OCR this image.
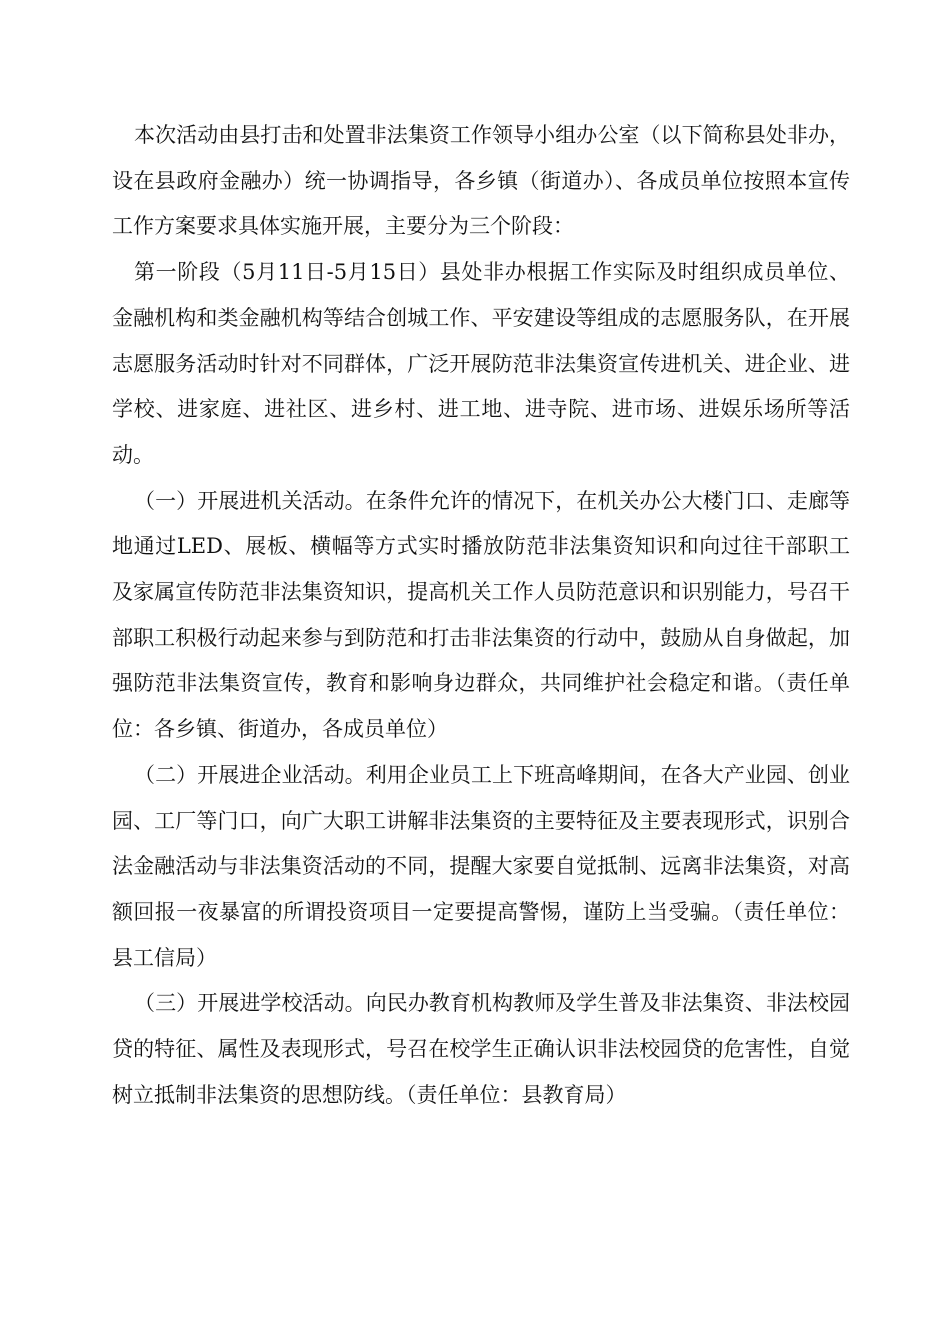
本次活动由县打击和处置非法集资工作领导小组办公室（以下简称县处非办，设在县政府金融办）统一协调指导，各乡镇（街道办）、各成员单位按照本宣传工作方案要求具体实施开展，主要分为三个阶段：

第一阶段（5月11日-5月15日）县处非办根据工作实际及时组织成员单位、金融机构和类金融机构等结合创城工作、平安建设等组成的志愿服务队，在开展志愿服务活动时针对不同群体，广泛开展防范非法集资宣传进机关、进企业、进学校、进家庭、进社区、进乡村、进工地、进寺院、进市场、进娱乐场所等活动。

（一）开展进机关活动。在条件允许的情况下，在机关办公大楼门口、走廊等地通过LED、展板、横幅等方式实时播放防范非法集资知识和向过往干部职工及家属宣传防范非法集资知识，提高机关工作人员防范意识和识别能力，号召干部职工积极行动起来参与到防范和打击非法集资的行动中，鼓励从自身做起，加强防范非法集资宣传，教育和影响身边群众，共同维护社会稳定和谐。（责任单位：各乡镇、街道办，各成员单位）

（二）开展进企业活动。利用企业员工上下班高峰期间，在各大产业园、创业园、工厂等门口，向广大职工讲解非法集资的主要特征及主要表现形式，识别合法金融活动与非法集资活动的不同，提醒大家要自觉抵制、远离非法集资，对高额回报一夜暴富的所谓投资项目一定要提高警惕，谨防上当受骗。（责任单位：县工信局）

（三）开展进学校活动。向民办教育机构教师及学生普及非法集资、非法校园贷的特征、属性及表现形式，号召在校学生正确认识非法校园贷的危害性，自觉树立抵制非法集资的思想防线。（责任单位：县教育局）
